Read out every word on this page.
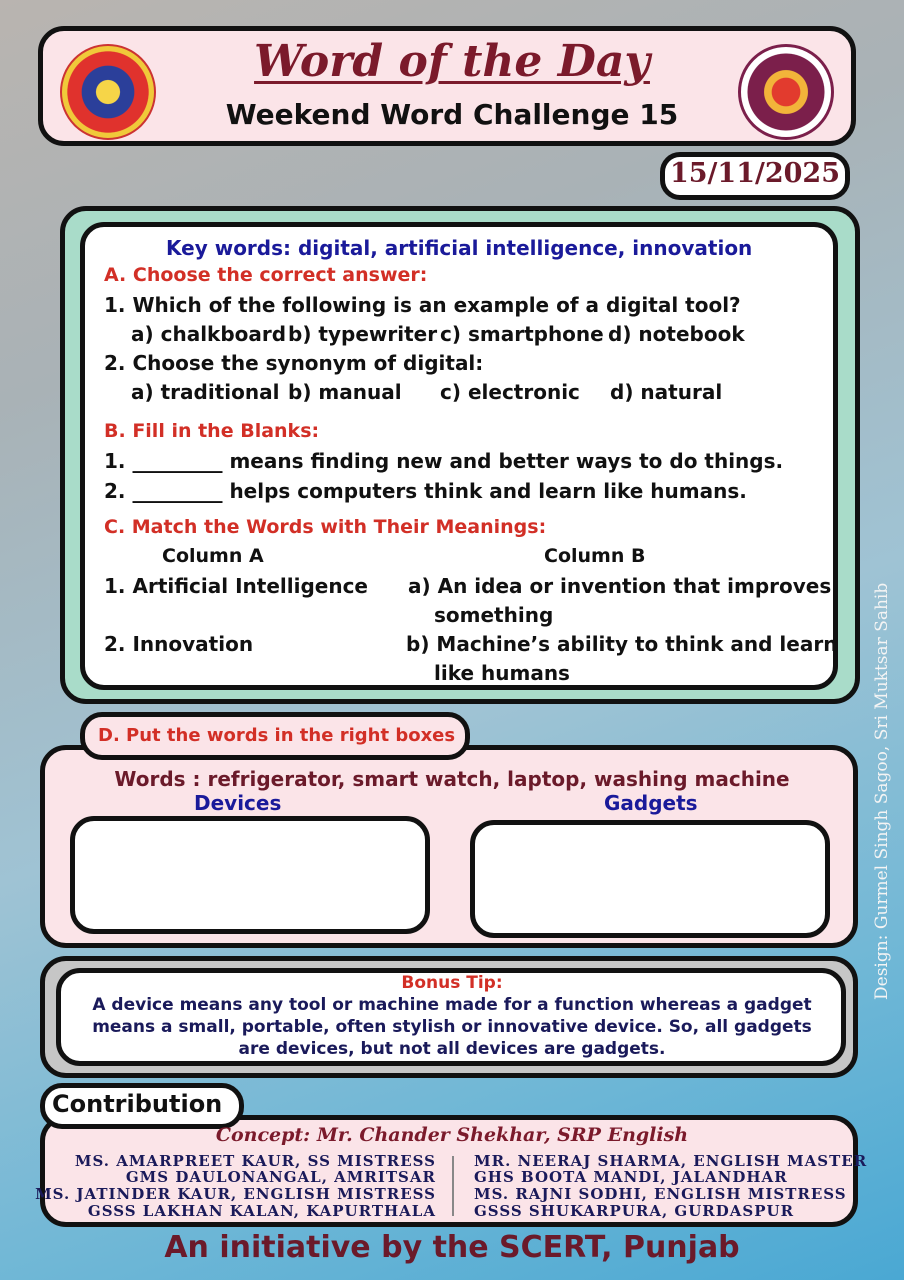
Word of the Day
Weekend Word Challenge 15
15/11/2025
Key words: digital, artificial intelligence, innovation
A. Choose the correct answer:
1. Which of the following is an example of a digital tool?
a) chalkboard b) typewriter c) smartphone d) notebook
2. Choose the synonym of digital:
a) traditional b) manual c) electronic d) natural
B. Fill in the Blanks:
1. _________ means finding new and better ways to do things.
2. _________ helps computers think and learn like humans.
C. Match the Words with Their Meanings:
Column A	Column B
1. Artificial Intelligence a) An idea or invention that improves
something
2. Innovation	b) Machine’s ability to think and learn
like humans
D. Put the words in the right boxes
Words : refrigerator, smart watch, laptop, washing machine
Devices	Gadgets
Bonus Tip:
A device means any tool or machine made for a function whereas a gadget
means a small, portable, often stylish or innovative device. So, all gadgets
are devices, but not all devices are gadgets.
Contribution
Concept: Mr. Chander Shekhar, SRP English
MS. AMARPREET KAUR, SS MISTRESS
GMS DAULONANGAL, AMRITSAR
MS. JATINDER KAUR, ENGLISH MISTRESS
GSSS LAKHAN KALAN, KAPURTHALA
MR. NEERAJ SHARMA, ENGLISH MASTER
GHS BOOTA MANDI, JALANDHAR
MS. RAJNI SODHI, ENGLISH MISTRESS
GSSS SHUKARPURA, GURDASPUR
An initiative by the SCERT, Punjab
Design: Gurmel Singh Sagoo, Sri Muktsar Sahib
